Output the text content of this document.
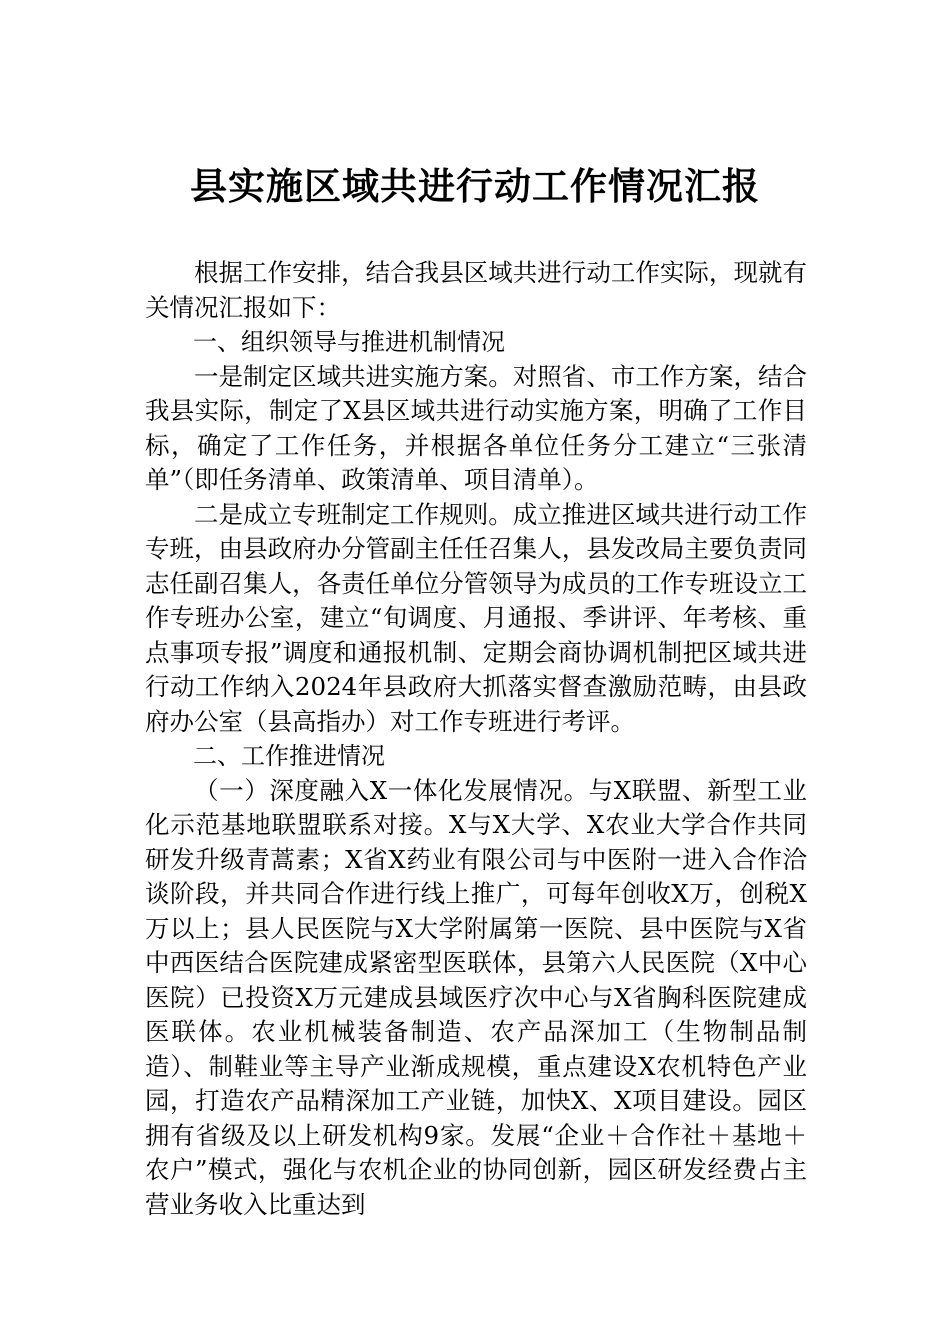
县实施区域共进行动工作情况汇报

根据工作安排，结合我县区域共进行动工作实际，现就有关情况汇报如下：

一、组织领导与推进机制情况

一是制定区域共进实施方案。对照省、市工作方案，结合我县实际，制定了X县区域共进行动实施方案，明确了工作目标，确定了工作任务，并根据各单位任务分工建立“三张清单”（即任务清单、政策清单、项目清单）。

二是成立专班制定工作规则。成立推进区域共进行动工作专班，由县政府办分管副主任任召集人，县发改局主要负责同志任副召集人，各责任单位分管领导为成员的工作专班设立工作专班办公室，建立“旬调度、月通报、季讲评、年考核、重点事项专报”调度和通报机制、定期会商协调机制把区域共进行动工作纳入2024年县政府大抓落实督查激励范畴，由县政府办公室（县高指办）对工作专班进行考评。

二、工作推进情况

（一）深度融入X一体化发展情况。与X联盟、新型工业化示范基地联盟联系对接。X与X大学、X农业大学合作共同研发升级青蒿素；X省X药业有限公司与中医附一进入合作洽谈阶段，并共同合作进行线上推广，可每年创收X万，创税X万以上；县人民医院与X大学附属第一医院、县中医院与X省中西医结合医院建成紧密型医联体，县第六人民医院（X中心医院）已投资X万元建成县域医疗次中心与X省胸科医院建成医联体。农业机械装备制造、农产品深加工（生物制品制造）、制鞋业等主导产业渐成规模，重点建设X农机特色产业园，打造农产品精深加工产业链，加快X、X项目建设。园区拥有省级及以上研发机构9家。发展“企业＋合作社＋基地＋农户”模式，强化与农机企业的协同创新，园区研发经费占主营业务收入比重达到
